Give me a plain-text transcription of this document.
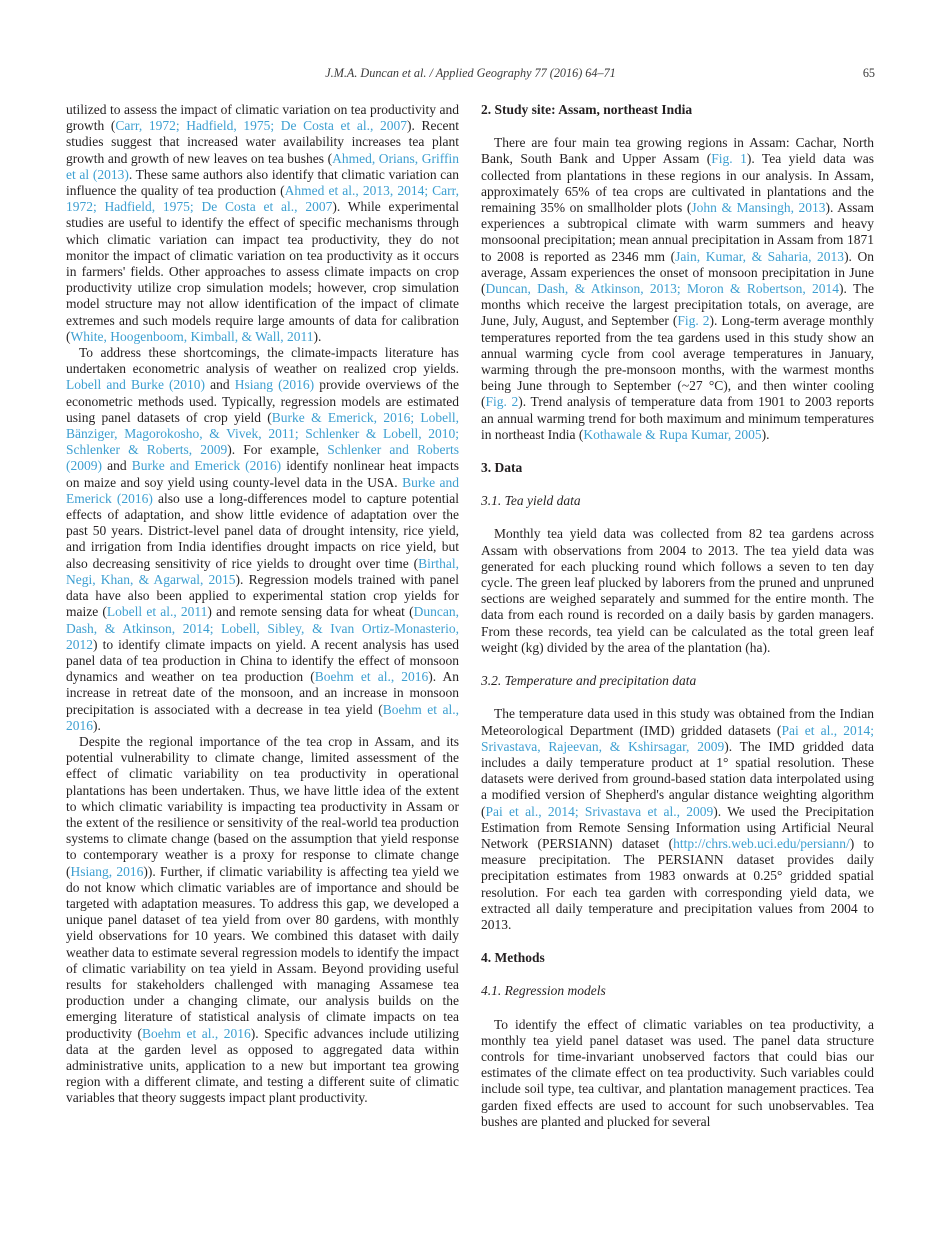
J.M.A. Duncan et al. / Applied Geography 77 (2016) 64–71	65

utilized to assess the impact of climatic variation on tea productivity and growth (Carr, 1972; Hadfield, 1975; De Costa et al., 2007). Recent studies suggest that increased water availability increases tea plant growth and growth of new leaves on tea bushes (Ahmed, Orians, Griffin et al (2013). These same authors also identify that climatic variation can influence the quality of tea production (Ahmed et al., 2013, 2014; Carr, 1972; Hadfield, 1975; De Costa et al., 2007). While experimental studies are useful to identify the effect of specific mechanisms through which climatic variation can impact tea productivity, they do not monitor the impact of climatic variation on tea productivity as it occurs in farmers' fields. Other approaches to assess climate impacts on crop productivity utilize crop simulation models; however, crop simulation model structure may not allow identification of the impact of climate extremes and such models require large amounts of data for calibration (White, Hoogenboom, Kimball, & Wall, 2011).

To address these shortcomings, the climate-impacts literature has undertaken econometric analysis of weather on realized crop yields. Lobell and Burke (2010) and Hsiang (2016) provide overviews of the econometric methods used. Typically, regression models are estimated using panel datasets of crop yield (Burke & Emerick, 2016; Lobell, Bänziger, Magorokosho, & Vivek, 2011; Schlenker & Lobell, 2010; Schlenker & Roberts, 2009). For example, Schlenker and Roberts (2009) and Burke and Emerick (2016) identify nonlinear heat impacts on maize and soy yield using county-level data in the USA. Burke and Emerick (2016) also use a long-differences model to capture potential effects of adaptation, and show little evidence of adaptation over the past 50 years. District-level panel data of drought intensity, rice yield, and irrigation from India identifies drought impacts on rice yield, but also decreasing sensitivity of rice yields to drought over time (Birthal, Negi, Khan, & Agarwal, 2015). Regression models trained with panel data have also been applied to experimental station crop yields for maize (Lobell et al., 2011) and remote sensing data for wheat (Duncan, Dash, & Atkinson, 2014; Lobell, Sibley, & Ivan Ortiz-Monasterio, 2012) to identify climate impacts on yield. A recent analysis has used panel data of tea production in China to identify the effect of monsoon dynamics and weather on tea production (Boehm et al., 2016). An increase in retreat date of the monsoon, and an increase in monsoon precipitation is associated with a decrease in tea yield (Boehm et al., 2016).

Despite the regional importance of the tea crop in Assam, and its potential vulnerability to climate change, limited assessment of the effect of climatic variability on tea productivity in operational plantations has been undertaken. Thus, we have little idea of the extent to which climatic variability is impacting tea productivity in Assam or the extent of the resilience or sensitivity of the real-world tea production systems to climate change (based on the assumption that yield response to contemporary weather is a proxy for response to climate change (Hsiang, 2016)). Further, if climatic variability is affecting tea yield we do not know which climatic variables are of importance and should be targeted with adaptation measures. To address this gap, we developed a unique panel dataset of tea yield from over 80 gardens, with monthly yield observations for 10 years. We combined this dataset with daily weather data to estimate several regression models to identify the impact of climatic variability on tea yield in Assam. Beyond providing useful results for stakeholders challenged with managing Assamese tea production under a changing climate, our analysis builds on the emerging literature of statistical analysis of climate impacts on tea productivity (Boehm et al., 2016). Specific advances include utilizing data at the garden level as opposed to aggregated data within administrative units, application to a new but important tea growing region with a different climate, and testing a different suite of climatic variables that theory suggests impact plant productivity.

2. Study site: Assam, northeast India

There are four main tea growing regions in Assam: Cachar, North Bank, South Bank and Upper Assam (Fig. 1). Tea yield data was collected from plantations in these regions in our analysis. In Assam, approximately 65% of tea crops are cultivated in plantations and the remaining 35% on smallholder plots (John & Mansingh, 2013). Assam experiences a subtropical climate with warm summers and heavy monsoonal precipitation; mean annual precipitation in Assam from 1871 to 2008 is reported as 2346 mm (Jain, Kumar, & Saharia, 2013). On average, Assam experiences the onset of monsoon precipitation in June (Duncan, Dash, & Atkinson, 2013; Moron & Robertson, 2014). The months which receive the largest precipitation totals, on average, are June, July, August, and September (Fig. 2). Long-term average monthly temperatures reported from the tea gardens used in this study show an annual warming cycle from cool average temperatures in January, warming through the pre-monsoon months, with the warmest months being June through to September (~27 °C), and then winter cooling (Fig. 2). Trend analysis of temperature data from 1901 to 2003 reports an annual warming trend for both maximum and minimum temperatures in northeast India (Kothawale & Rupa Kumar, 2005).

3. Data
3.1. Tea yield data

Monthly tea yield data was collected from 82 tea gardens across Assam with observations from 2004 to 2013. The tea yield data was generated for each plucking round which follows a seven to ten day cycle. The green leaf plucked by laborers from the pruned and unpruned sections are weighed separately and summed for the entire month. The data from each round is recorded on a daily basis by garden managers. From these records, tea yield can be calculated as the total green leaf weight (kg) divided by the area of the plantation (ha).

3.2. Temperature and precipitation data

The temperature data used in this study was obtained from the Indian Meteorological Department (IMD) gridded datasets (Pai et al., 2014; Srivastava, Rajeevan, & Kshirsagar, 2009). The IMD gridded data includes a daily temperature product at 1° spatial resolution. These datasets were derived from ground-based station data interpolated using a modified version of Shepherd's angular distance weighting algorithm (Pai et al., 2014; Srivastava et al., 2009). We used the Precipitation Estimation from Remote Sensing Information using Artificial Neural Network (PERSIANN) dataset (http://chrs.web.uci.edu/persiann/) to measure precipitation. The PERSIANN dataset provides daily precipitation estimates from 1983 onwards at 0.25° gridded spatial resolution. For each tea garden with corresponding yield data, we extracted all daily temperature and precipitation values from 2004 to 2013.

4. Methods
4.1. Regression models

To identify the effect of climatic variables on tea productivity, a monthly tea yield panel dataset was used. The panel data structure controls for time-invariant unobserved factors that could bias our estimates of the climate effect on tea productivity. Such variables could include soil type, tea cultivar, and plantation management practices. Tea garden fixed effects are used to account for such unobservables. Tea bushes are planted and plucked for several
